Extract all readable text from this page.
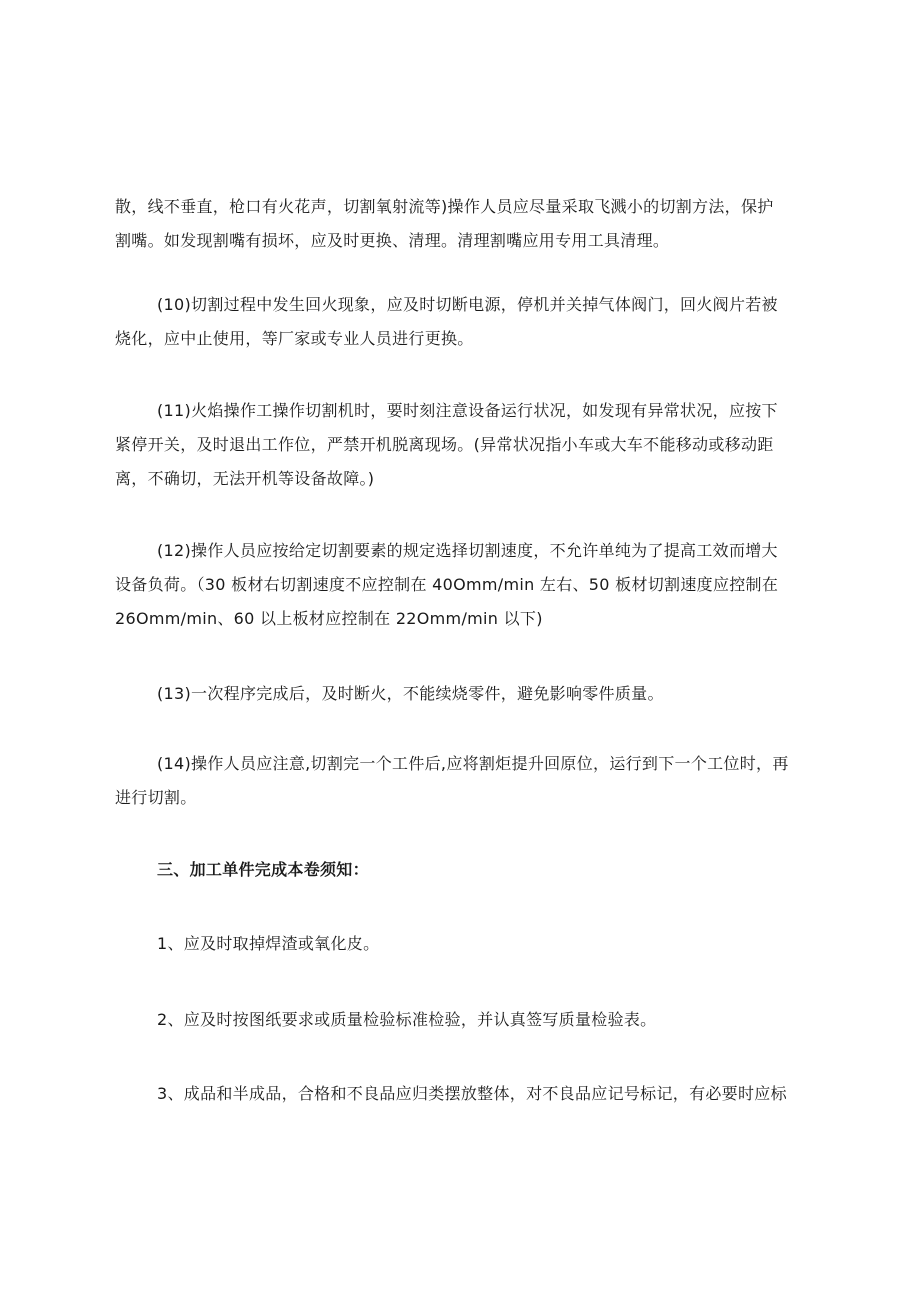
散，线不垂直，枪口有火花声，切割氧射流等)操作人员应尽量采取飞溅小的切割方法，保护
割嘴。如发现割嘴有损坏，应及时更换、清理。清理割嘴应用专用工具清理。

(10)切割过程中发生回火现象，应及时切断电源，停机并关掉气体阀门，回火阀片若被
烧化，应中止使用，等厂家或专业人员进行更换。

(11)火焰操作工操作切割机时，要时刻注意设备运行状况，如发现有异常状况，应按下
紧停开关，及时退出工作位，严禁开机脱离现场。(异常状况指小车或大车不能移动或移动距
离，不确切，无法开机等设备故障。)

(12)操作人员应按给定切割要素的规定选择切割速度，不允许单纯为了提高工效而增大
设备负荷。（30 板材右切割速度不应控制在 40Omm∕min 左右、50 板材切割速度应控制在
26Omm/min、60 以上板材应控制在 22Omm∕min 以下)

(13)一次程序完成后，及时断火，不能续烧零件，避免影响零件质量。

(14)操作人员应注意,切割完一个工件后,应将割炬提升回原位，运行到下一个工位时，再
进行切割。

三、加工单件完成本卷须知：

1、应及时取掉焊渣或氧化皮。

2、应及时按图纸要求或质量检验标准检验，并认真签写质量检验表。

3、成品和半成品，合格和不良品应归类摆放整体，对不良品应记号标记，有必要时应标
